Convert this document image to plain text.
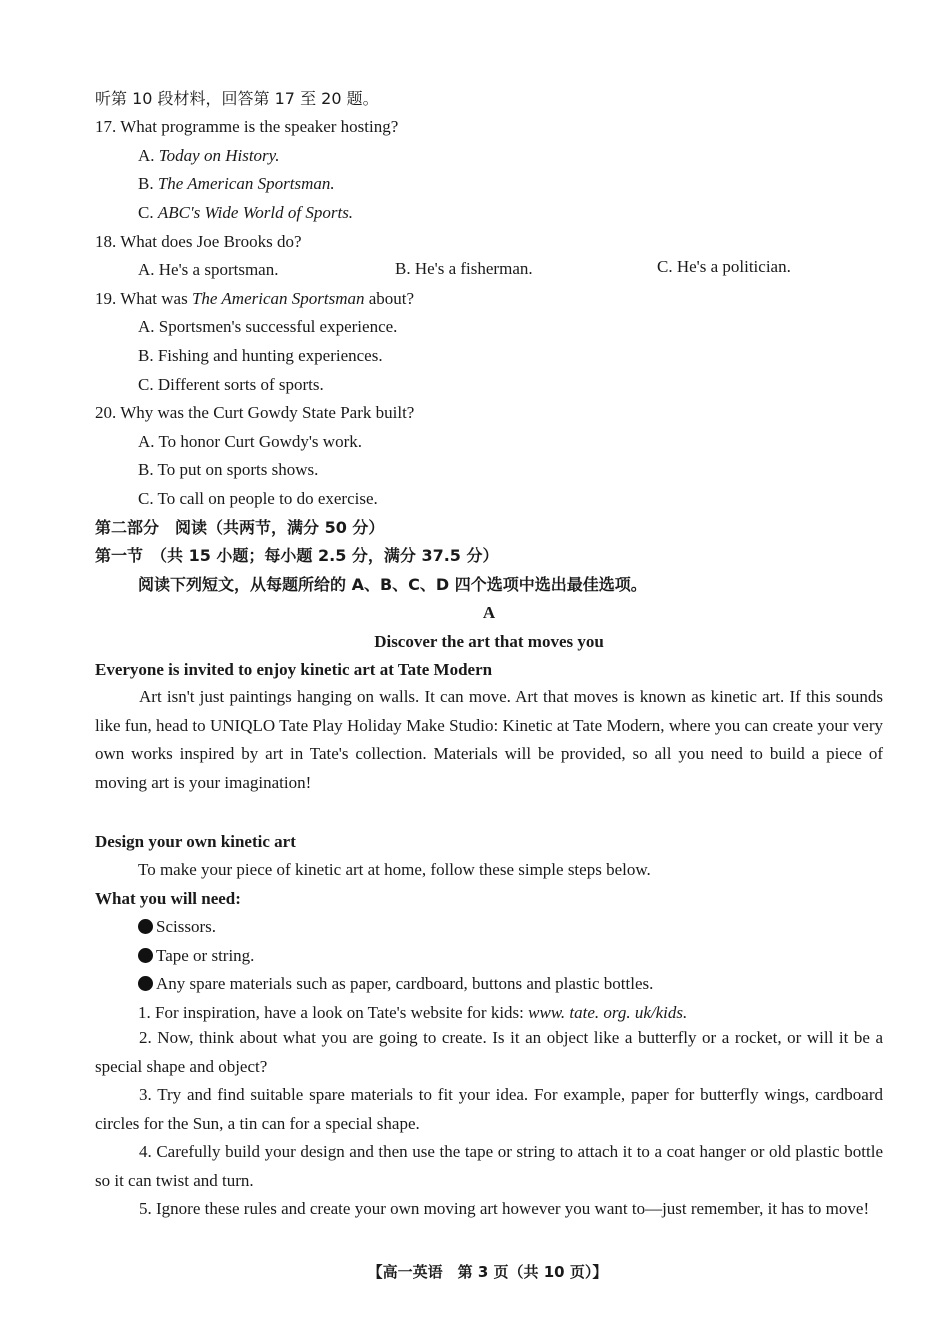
听第 10 段材料，回答第 17 至 20 题。
17. What programme is the speaker hosting?
A. Today on History.
B. The American Sportsman.
C. ABC's Wide World of Sports.
18. What does Joe Brooks do?
A. He's a sportsman.	B. He's a fisherman.	C. He's a politician.
19. What was The American Sportsman about?
A. Sportsmen's successful experience.
B. Fishing and hunting experiences.
C. Different sorts of sports.
20. Why was the Curt Gowdy State Park built?
A. To honor Curt Gowdy's work.
B. To put on sports shows.
C. To call on people to do exercise.
第二部分　阅读（共两节，满分 50 分）
第一节　（共 15 小题；每小题 2.5 分，满分 37.5 分）
阅读下列短文，从每题所给的 A、B、C、D 四个选项中选出最佳选项。
A
Discover the art that moves you
Everyone is invited to enjoy kinetic art at Tate Modern
Art isn't just paintings hanging on walls. It can move. Art that moves is known as kinetic art. If this sounds like fun, head to UNIQLO Tate Play Holiday Make Studio: Kinetic at Tate Modern, where you can create your very own works inspired by art in Tate's collection. Materials will be provided, so all you need to build a piece of moving art is your imagination!
Design your own kinetic art
To make your piece of kinetic art at home, follow these simple steps below.
What you will need:
Scissors.
Tape or string.
Any spare materials such as paper, cardboard, buttons and plastic bottles.
1. For inspiration, have a look on Tate's website for kids: www. tate. org. uk/kids.
2. Now, think about what you are going to create. Is it an object like a butterfly or a rocket, or will it be a special shape and object?
3. Try and find suitable spare materials to fit your idea. For example, paper for butterfly wings, cardboard circles for the Sun, a tin can for a special shape.
4. Carefully build your design and then use the tape or string to attach it to a coat hanger or old plastic bottle so it can twist and turn.
5. Ignore these rules and create your own moving art however you want to—just remember, it has to move!
【高一英语　第 3 页（共 10 页）】
